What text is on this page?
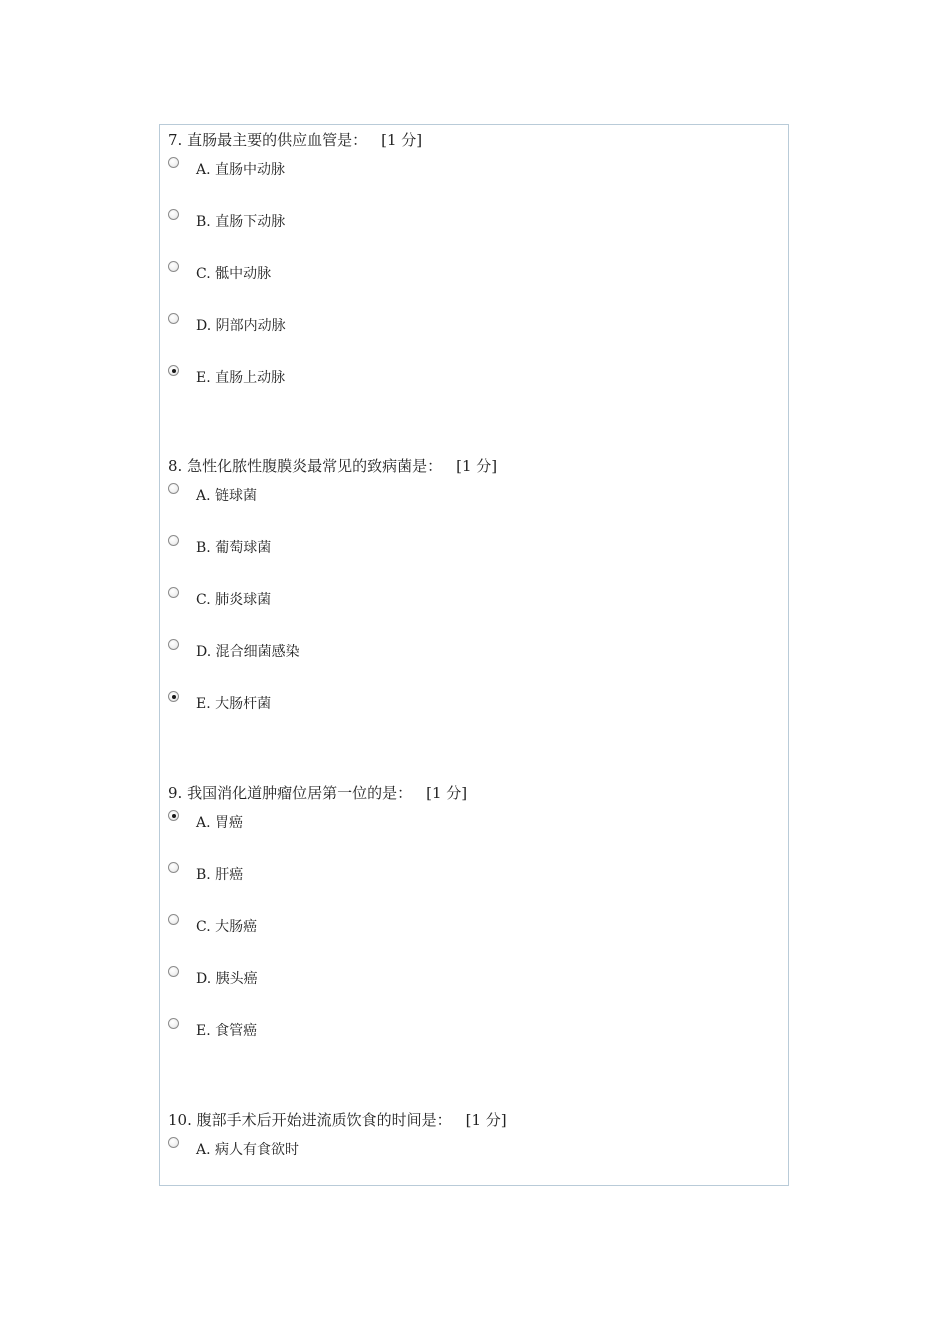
7. 直肠最主要的供应血管是： [1 分]
A. 直肠中动脉
B. 直肠下动脉
C. 骶中动脉
D. 阴部内动脉
E. 直肠上动脉
8. 急性化脓性腹膜炎最常见的致病菌是： [1 分]
A. 链球菌
B. 葡萄球菌
C. 肺炎球菌
D. 混合细菌感染
E. 大肠杆菌
9. 我国消化道肿瘤位居第一位的是： [1 分]
A. 胃癌
B. 肝癌
C. 大肠癌
D. 胰头癌
E. 食管癌
10. 腹部手术后开始进流质饮食的时间是： [1 分]
A. 病人有食欲时
